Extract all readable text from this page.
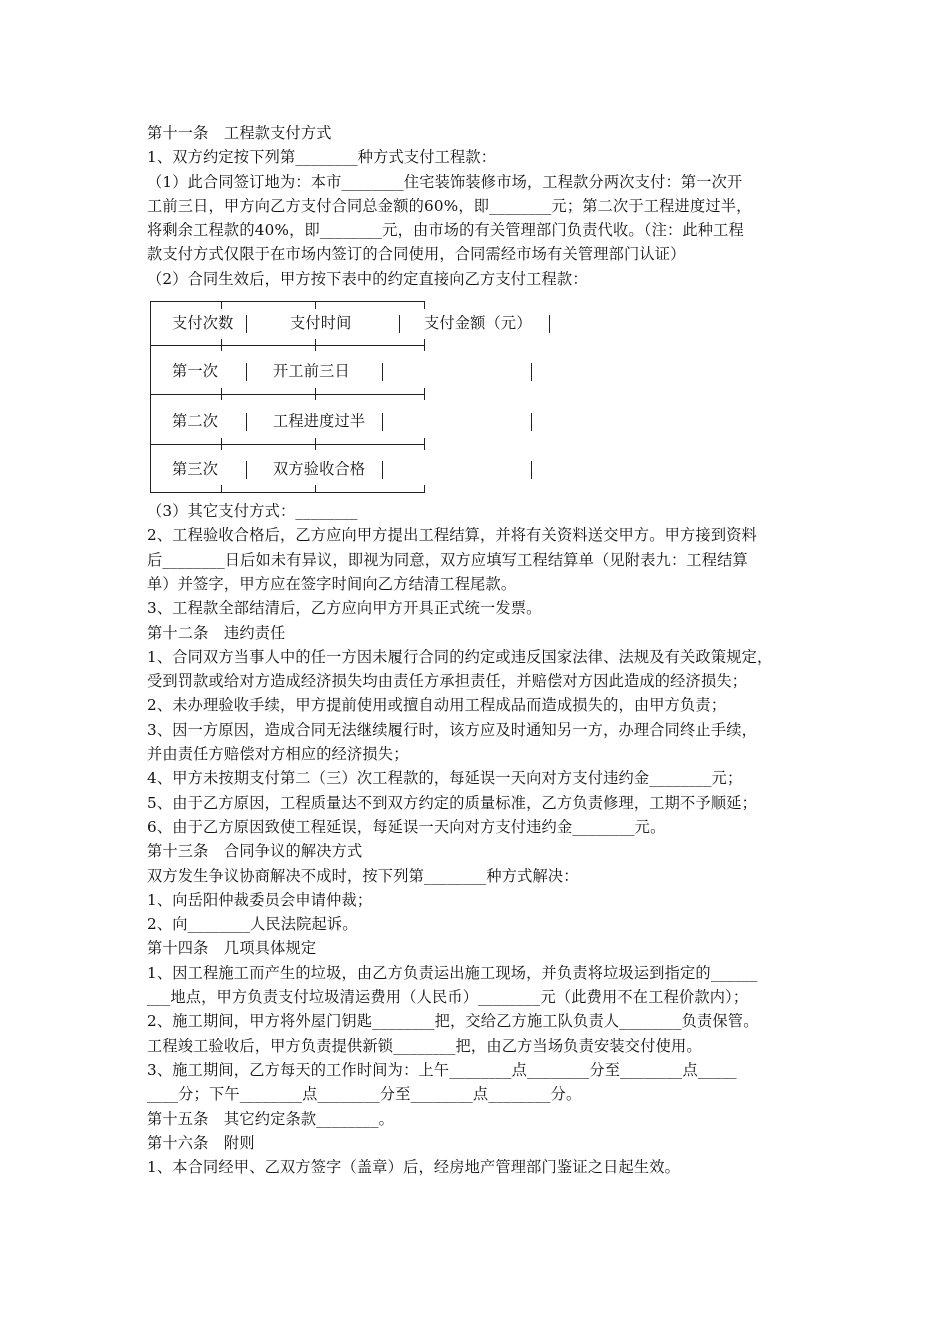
第十一条　工程款支付方式
1、双方约定按下列第________种方式支付工程款：
（1）此合同签订地为：本市________住宅装饰装修市场，工程款分两次支付：第一次开
工前三日，甲方向乙方支付合同总金额的60%，即________元；第二次于工程进度过半，
将剩余工程款的40%，即________元，由市场的有关管理部门负责代收。（注：此种工程
款支付方式仅限于在市场内签订的合同使用，合同需经市场有关管理部门认证）
（2）合同生效后，甲方按下表中的约定直接向乙方支付工程款：
支付次数	支付时间	支付金额（元）
第一次	开工前三日
第二次	工程进度过半
第三次	双方验收合格
（3）其它支付方式：________
2、工程验收合格后，乙方应向甲方提出工程结算，并将有关资料送交甲方。甲方接到资料
后________日后如未有异议，即视为同意，双方应填写工程结算单（见附表九：工程结算
单）并签字，甲方应在签字时间向乙方结清工程尾款。
3、工程款全部结清后，乙方应向甲方开具正式统一发票。
第十二条　违约责任
1、合同双方当事人中的任一方因未履行合同的约定或违反国家法律、法规及有关政策规定，
受到罚款或给对方造成经济损失均由责任方承担责任，并赔偿对方因此造成的经济损失；
2、未办理验收手续，甲方提前使用或擅自动用工程成品而造成损失的，由甲方负责；
3、因一方原因，造成合同无法继续履行时，该方应及时通知另一方，办理合同终止手续，
并由责任方赔偿对方相应的经济损失；
4、甲方未按期支付第二（三）次工程款的，每延误一天向对方支付违约金________元；
5、由于乙方原因，工程质量达不到双方约定的质量标准，乙方负责修理，工期不予顺延；
6、由于乙方原因致使工程延误，每延误一天向对方支付违约金________元。
第十三条　合同争议的解决方式
双方发生争议协商解决不成时，按下列第________种方式解决：
1、向岳阳仲裁委员会申请仲裁；
2、向________人民法院起诉。
第十四条　几项具体规定
1、因工程施工而产生的垃圾，由乙方负责运出施工现场，并负责将垃圾运到指定的______
___地点，甲方负责支付垃圾清运费用（人民币）________元（此费用不在工程价款内）；
2、施工期间，甲方将外屋门钥匙________把，交给乙方施工队负责人________负责保管。
工程竣工验收后，甲方负责提供新锁________把，由乙方当场负责安装交付使用。
3、施工期间，乙方每天的工作时间为：上午________点________分至________点_____
____分；下午________点________分至________点________分。
第十五条　其它约定条款________。
第十六条　附则
1、本合同经甲、乙双方签字（盖章）后，经房地产管理部门鉴证之日起生效。
